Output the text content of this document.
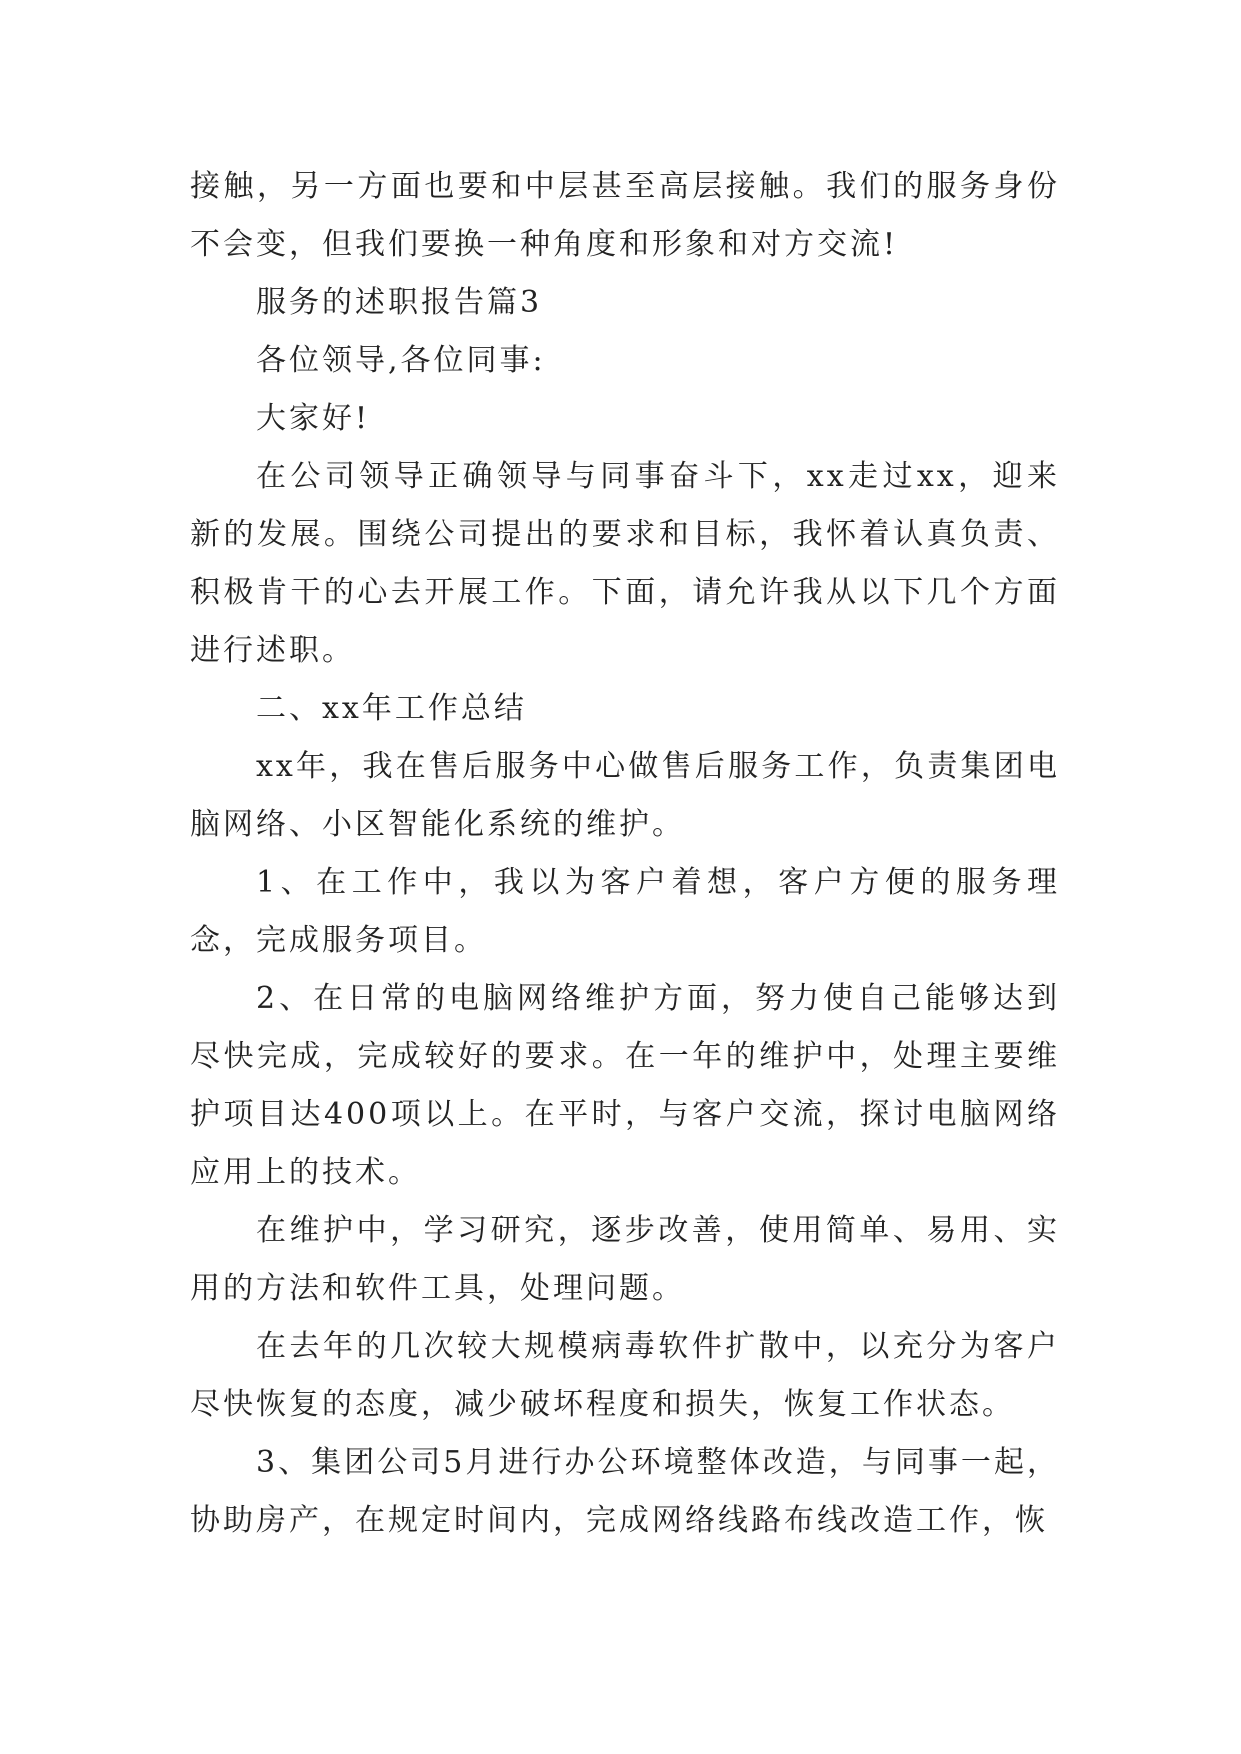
接触，另一方面也要和中层甚至高层接触。我们的服务身份不会变，但我们要换一种角度和形象和对方交流!

服务的述职报告篇3

各位领导,各位同事:

大家好!

在公司领导正确领导与同事奋斗下，xx走过xx，迎来新的发展。围绕公司提出的要求和目标，我怀着认真负责、积极肯干的心去开展工作。下面，请允许我从以下几个方面进行述职。

二、xx年工作总结

xx年，我在售后服务中心做售后服务工作，负责集团电脑网络、小区智能化系统的维护。

1、在工作中，我以为客户着想，客户方便的服务理念，完成服务项目。

2、在日常的电脑网络维护方面，努力使自己能够达到尽快完成，完成较好的要求。在一年的维护中，处理主要维护项目达400项以上。在平时，与客户交流，探讨电脑网络应用上的技术。

在维护中，学习研究，逐步改善，使用简单、易用、实用的方法和软件工具，处理问题。

在去年的几次较大规模病毒软件扩散中，以充分为客户尽快恢复的态度，减少破坏程度和损失，恢复工作状态。

3、集团公司5月进行办公环境整体改造，与同事一起，协助房产，在规定时间内，完成网络线路布线改造工作，恢
